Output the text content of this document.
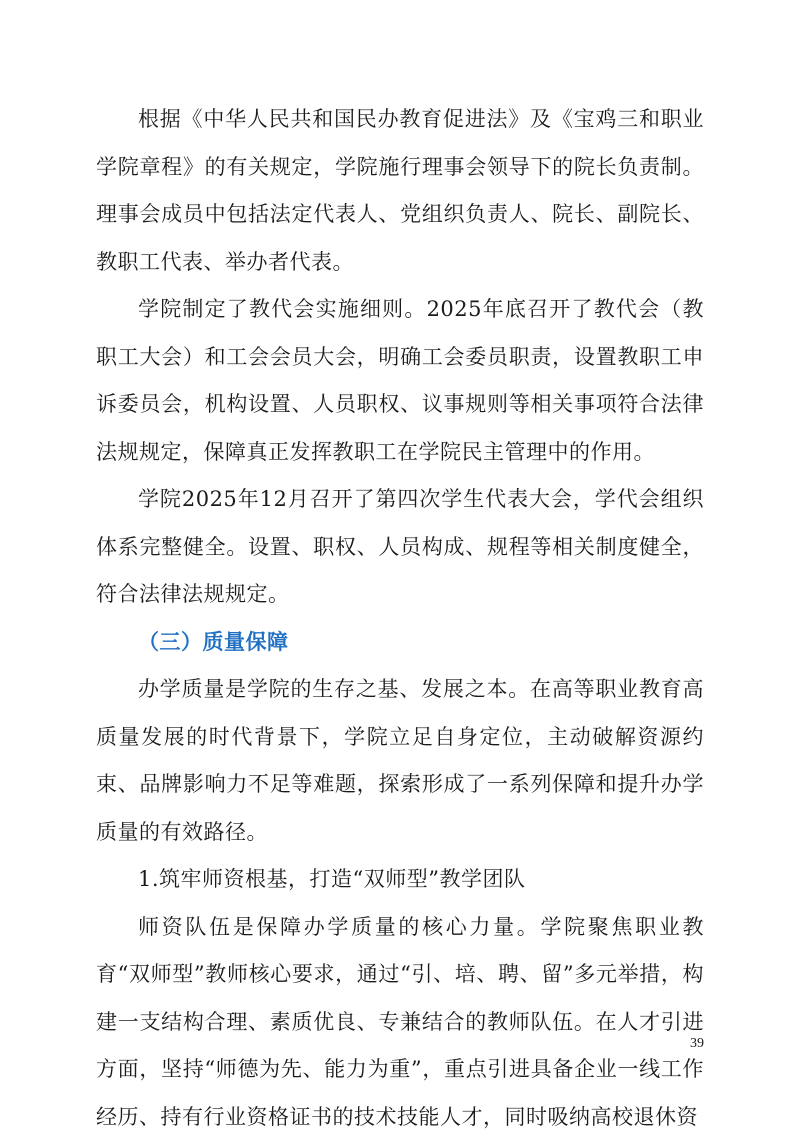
根据《中华人民共和国民办教育促进法》及《宝鸡三和职业学院章程》的有关规定，学院施行理事会领导下的院长负责制。理事会成员中包括法定代表人、党组织负责人、院长、副院长、教职工代表、举办者代表。

学院制定了教代会实施细则。2025年底召开了教代会（教职工大会）和工会会员大会，明确工会委员职责，设置教职工申诉委员会，机构设置、人员职权、议事规则等相关事项符合法律法规规定，保障真正发挥教职工在学院民主管理中的作用。

学院2025年12月召开了第四次学生代表大会，学代会组织体系完整健全。设置、职权、人员构成、规程等相关制度健全，符合法律法规规定。

（三）质量保障

办学质量是学院的生存之基、发展之本。在高等职业教育高质量发展的时代背景下，学院立足自身定位，主动破解资源约束、品牌影响力不足等难题，探索形成了一系列保障和提升办学质量的有效路径。

1.筑牢师资根基，打造“双师型”教学团队

师资队伍是保障办学质量的核心力量。学院聚焦职业教育“双师型”教师核心要求，通过“引、培、聘、留”多元举措，构建一支结构合理、素质优良、专兼结合的教师队伍。在人才引进方面，坚持“师德为先、能力为重”，重点引进具备企业一线工作经历、持有行业资格证书的技术技能人才，同时吸纳高校退休资

39
